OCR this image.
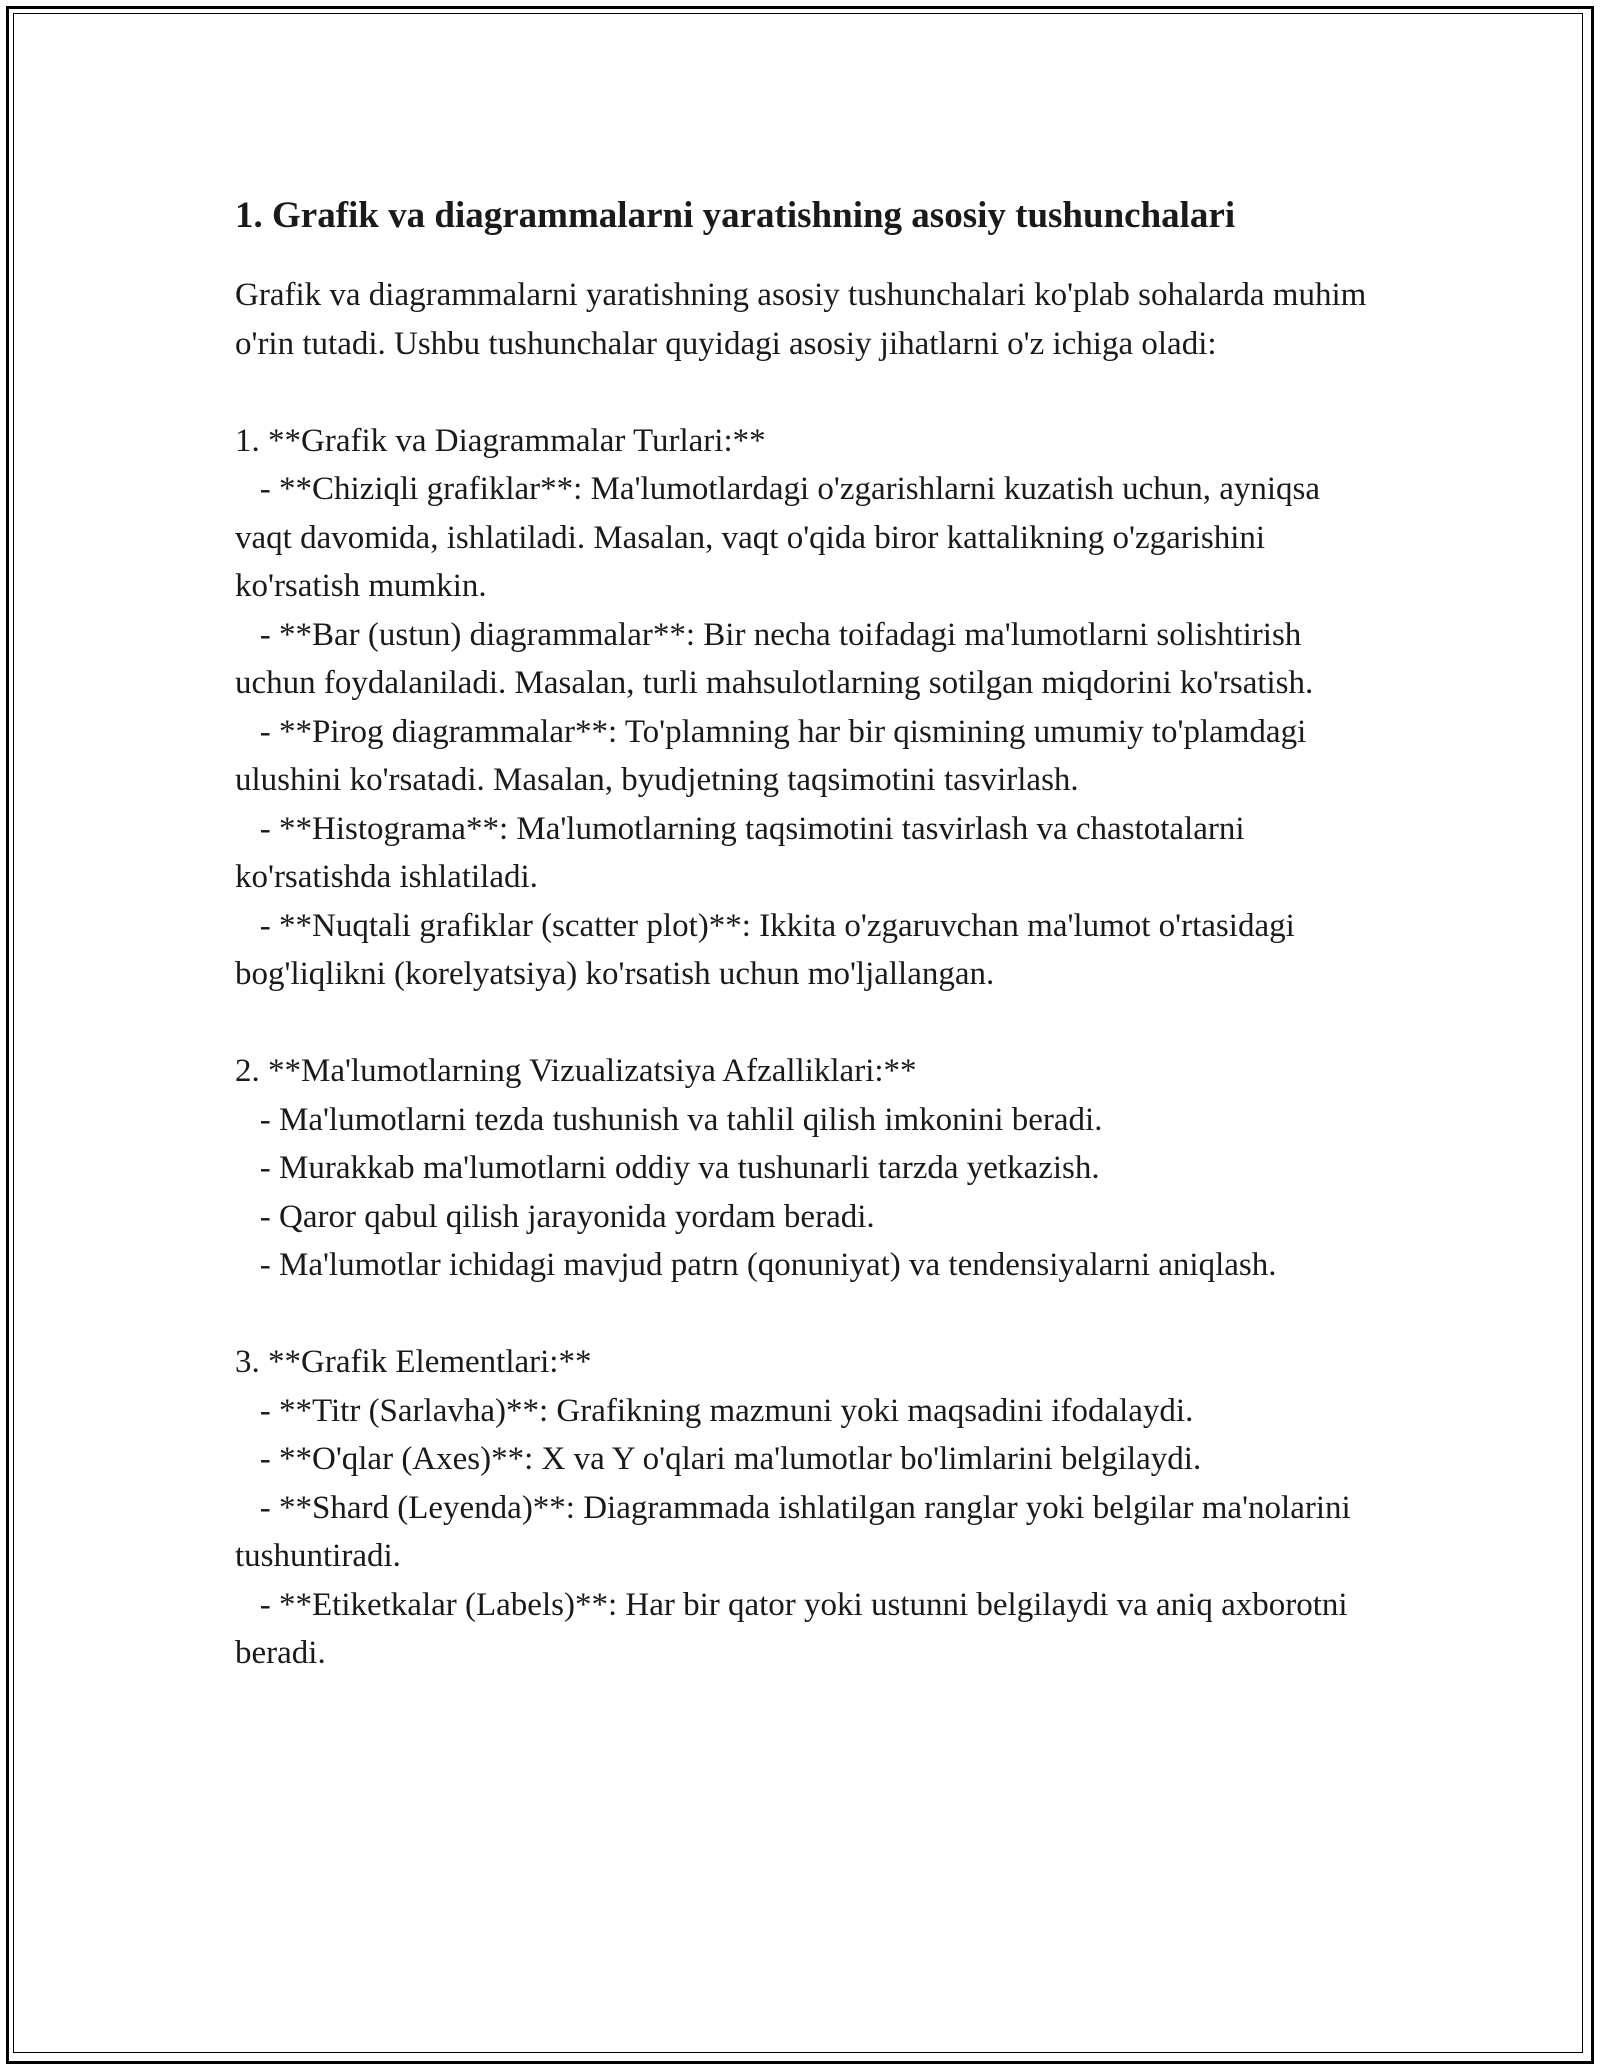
1. Grafik va diagrammalarni yaratishning asosiy tushunchalari

Grafik va diagrammalarni yaratishning asosiy tushunchalari ko'plab sohalarda muhim o'rin tutadi. Ushbu tushunchalar quyidagi asosiy jihatlarni o'z ichiga oladi:

1. **Grafik va Diagrammalar Turlari:**
- **Chiziqli grafiklar**: Ma'lumotlardagi o'zgarishlarni kuzatish uchun, ayniqsa vaqt davomida, ishlatiladi. Masalan, vaqt o'qida biror kattalikning o'zgarishini ko'rsatish mumkin.
- **Bar (ustun) diagrammalar**: Bir necha toifadagi ma'lumotlarni solishtirish uchun foydalaniladi. Masalan, turli mahsulotlarning sotilgan miqdorini ko'rsatish.
- **Pirog diagrammalar**: To'plamning har bir qismining umumiy to'plamdagi ulushini ko'rsatadi. Masalan, byudjetning taqsimotini tasvirlash.
- **Histograma**: Ma'lumotlarning taqsimotini tasvirlash va chastotalarni ko'rsatishda ishlatiladi.
- **Nuqtali grafiklar (scatter plot)**: Ikkita o'zgaruvchan ma'lumot o'rtasidagi bog'liqlikni (korelyatsiya) ko'rsatish uchun mo'ljallangan.
2. **Ma'lumotlarning Vizualizatsiya Afzalliklari:**
- Ma'lumotlarni tezda tushunish va tahlil qilish imkonini beradi.
- Murakkab ma'lumotlarni oddiy va tushunarli tarzda yetkazish.
- Qaror qabul qilish jarayonida yordam beradi.
- Ma'lumotlar ichidagi mavjud patrn (qonuniyat) va tendensiyalarni aniqlash.
3. **Grafik Elementlari:**
- **Titr (Sarlavha)**: Grafikning mazmuni yoki maqsadini ifodalaydi.
- **O'qlar (Axes)**: X va Y o'qlari ma'lumotlar bo'limlarini belgilaydi.
- **Shard (Leyenda)**: Diagrammada ishlatilgan ranglar yoki belgilar ma'nolarini tushuntiradi.
- **Etiketkalar (Labels)**: Har bir qator yoki ustunni belgilaydi va aniq axborotni beradi.
